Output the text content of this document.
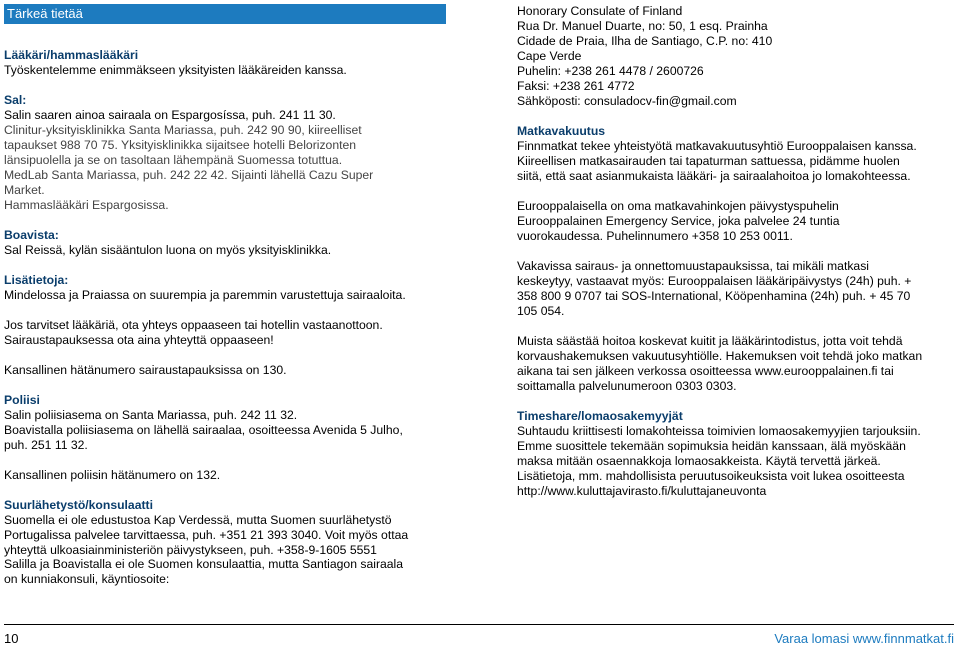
Tärkeä tietää
Lääkäri/hammaslääkäri
Työskentelemme enimmäkseen yksityisten lääkäreiden kanssa.
Sal:
Salin saaren ainoa sairaala on Espargosíssa, puh. 241 11 30.
Clinitur-yksityisklinikka Santa Mariassa, puh. 242 90 90, kiireelliset
tapaukset 988 70 75. Yksityisklinikka sijaitsee hotelli Belorizonten
länsipuolella ja se on tasoltaan lähempänä Suomessa totuttua.
MedLab Santa Mariassa, puh. 242 22 42. Sijainti lähellä Cazu Super
Market.
Hammaslääkäri Espargosissa.
Boavista:
Sal Reissä, kylän sisääntulon luona on myös yksityisklinikka.
Lisätietoja:
Mindelossa ja Praiassa on suurempia ja paremmin varustettuja sairaaloita.
Jos tarvitset lääkäriä, ota yhteys oppaaseen tai hotellin vastaanottoon.
Sairaustapauksessa ota aina yhteyttä oppaaseen!
Kansallinen hätänumero sairaustapauksissa on 130.
Poliisi
Salin poliisiasema on Santa Mariassa, puh. 242 11 32.
Boavistalla poliisiasema on lähellä sairaalaa, osoitteessa Avenida 5 Julho,
puh. 251 11 32.
Kansallinen poliisin hätänumero on 132.
Suurlähetystö/konsulaatti
Suomella ei ole edustustoa Kap Verdessä, mutta Suomen suurlähetystö
Portugalissa palvelee tarvittaessa, puh. +351 21 393 3040. Voit myös ottaa
yhteyttä ulkoasiainministeriön päivystykseen, puh. +358-9-1605 5551
Salilla ja Boavistalla ei ole Suomen konsulaattia, mutta Santiagon sairaala
on kunniakonsuli, käyntiosoite:
Honorary Consulate of Finland
Rua Dr. Manuel Duarte, no: 50, 1 esq. Prainha
Cidade de Praia, Ilha de Santiago, C.P. no: 410
Cape Verde
Puhelin: +238 261 4478 / 2600726
Faksi: +238 261 4772
Sähköposti: consuladocv-fin@gmail.com
Matkavakuutus
Finnmatkat tekee yhteistyötä matkavakuutusyhtiö Eurooppalaisen kanssa.
Kiireellisen matkasairauden tai tapaturman sattuessa, pidämme huolen
siitä, että saat asianmukaista lääkäri- ja sairaalahoitoa jo lomakohteessa.
Eurooppalaisella on oma matkavahinkojen päivystyspuhelin
Eurooppalainen Emergency Service, joka palvelee 24 tuntia
vuorokaudessa. Puhelinnumero +358 10 253 0011.
Vakavissa sairaus- ja onnettomuustapauksissa, tai mikäli matkasi
keskeytyy, vastaavat myös: Eurooppalaisen lääkäripäivystys (24h) puh. +
358 800 9 0707 tai SOS-International, Kööpenhamina (24h) puh. + 45 70
105 054.
Muista säästää hoitoa koskevat kuitit ja lääkärintodistus, jotta voit tehdä
korvaushakemuksen vakuutusyhtiölle. Hakemuksen voit tehdä joko matkan
aikana tai sen jälkeen verkossa osoitteessa www.eurooppalainen.fi tai
soittamalla palvelunumeroon 0303 0303.
Timeshare/lomaosakemyyjät
Suhtaudu kriittisesti lomakohteissa toimivien lomaosakemyyjien tarjouksiin.
Emme suosittele tekemään sopimuksia heidän kanssaan, älä myöskään
maksa mitään osaennakkoja lomaosakkeista. Käytä tervettä järkeä.
Lisätietoja, mm. mahdollisista peruutusoikeuksista voit lukea osoitteesta
http://www.kuluttajavirasto.fi/kuluttajaneuvonta
10	Varaa lomasi www.finnmatkat.fi
